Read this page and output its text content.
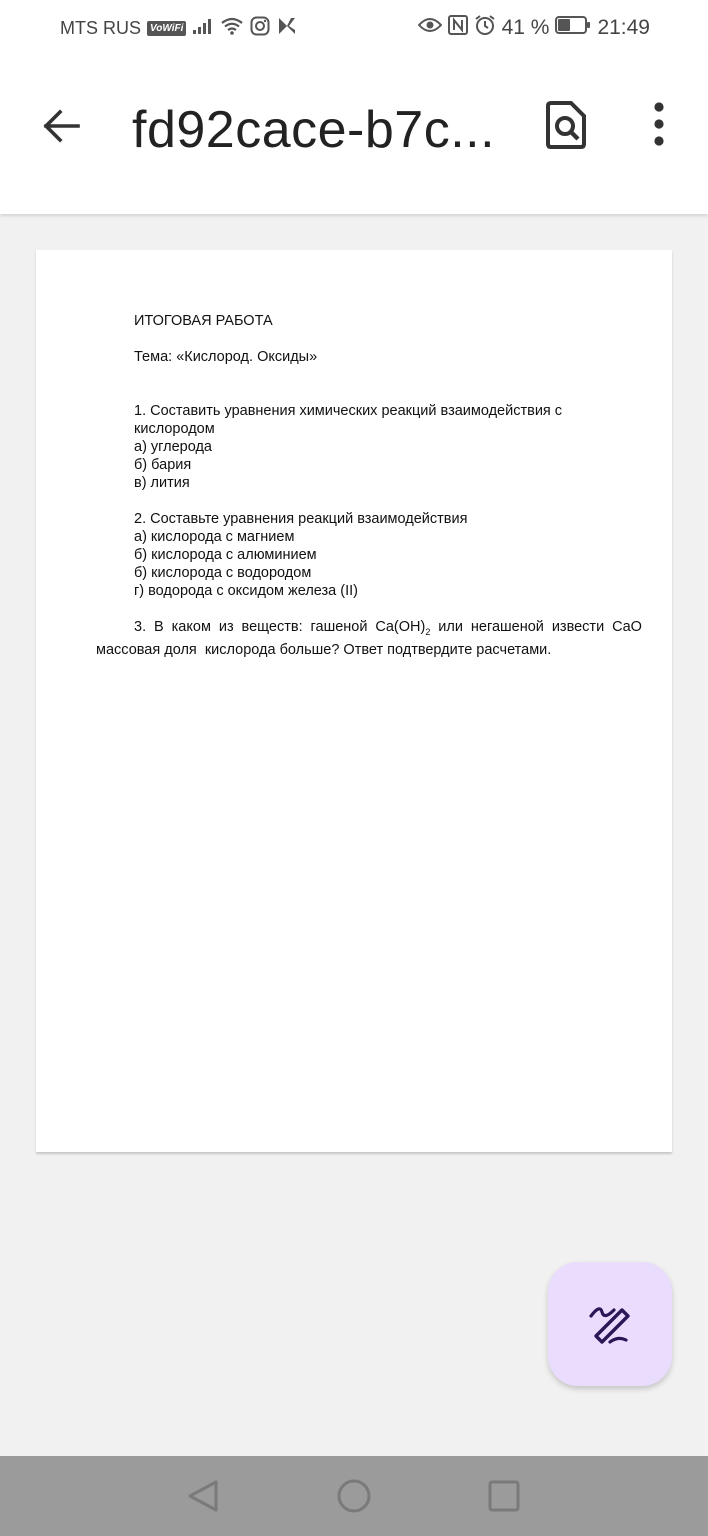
MTS RUS VoWiFi	41 % 21:49
fd92cace-b7c...
ИТОГОВАЯ РАБОТА
Тема: «Кислород. Оксиды»
1. Составить уравнения химических реакций взаимодействия с
кислородом
а) углерода
б) бария
в) лития
2. Составьте уравнения реакций взаимодействия
а) кислорода с магнием
б) кислорода с алюминием
б) кислорода с водородом
г) водорода с оксидом железа (II)
3. В каком из веществ: гашеной $Ca(OH)_2$ или негашеной извести CaO
массовая доля  кислорода больше? Ответ подтвердите расчетами.
